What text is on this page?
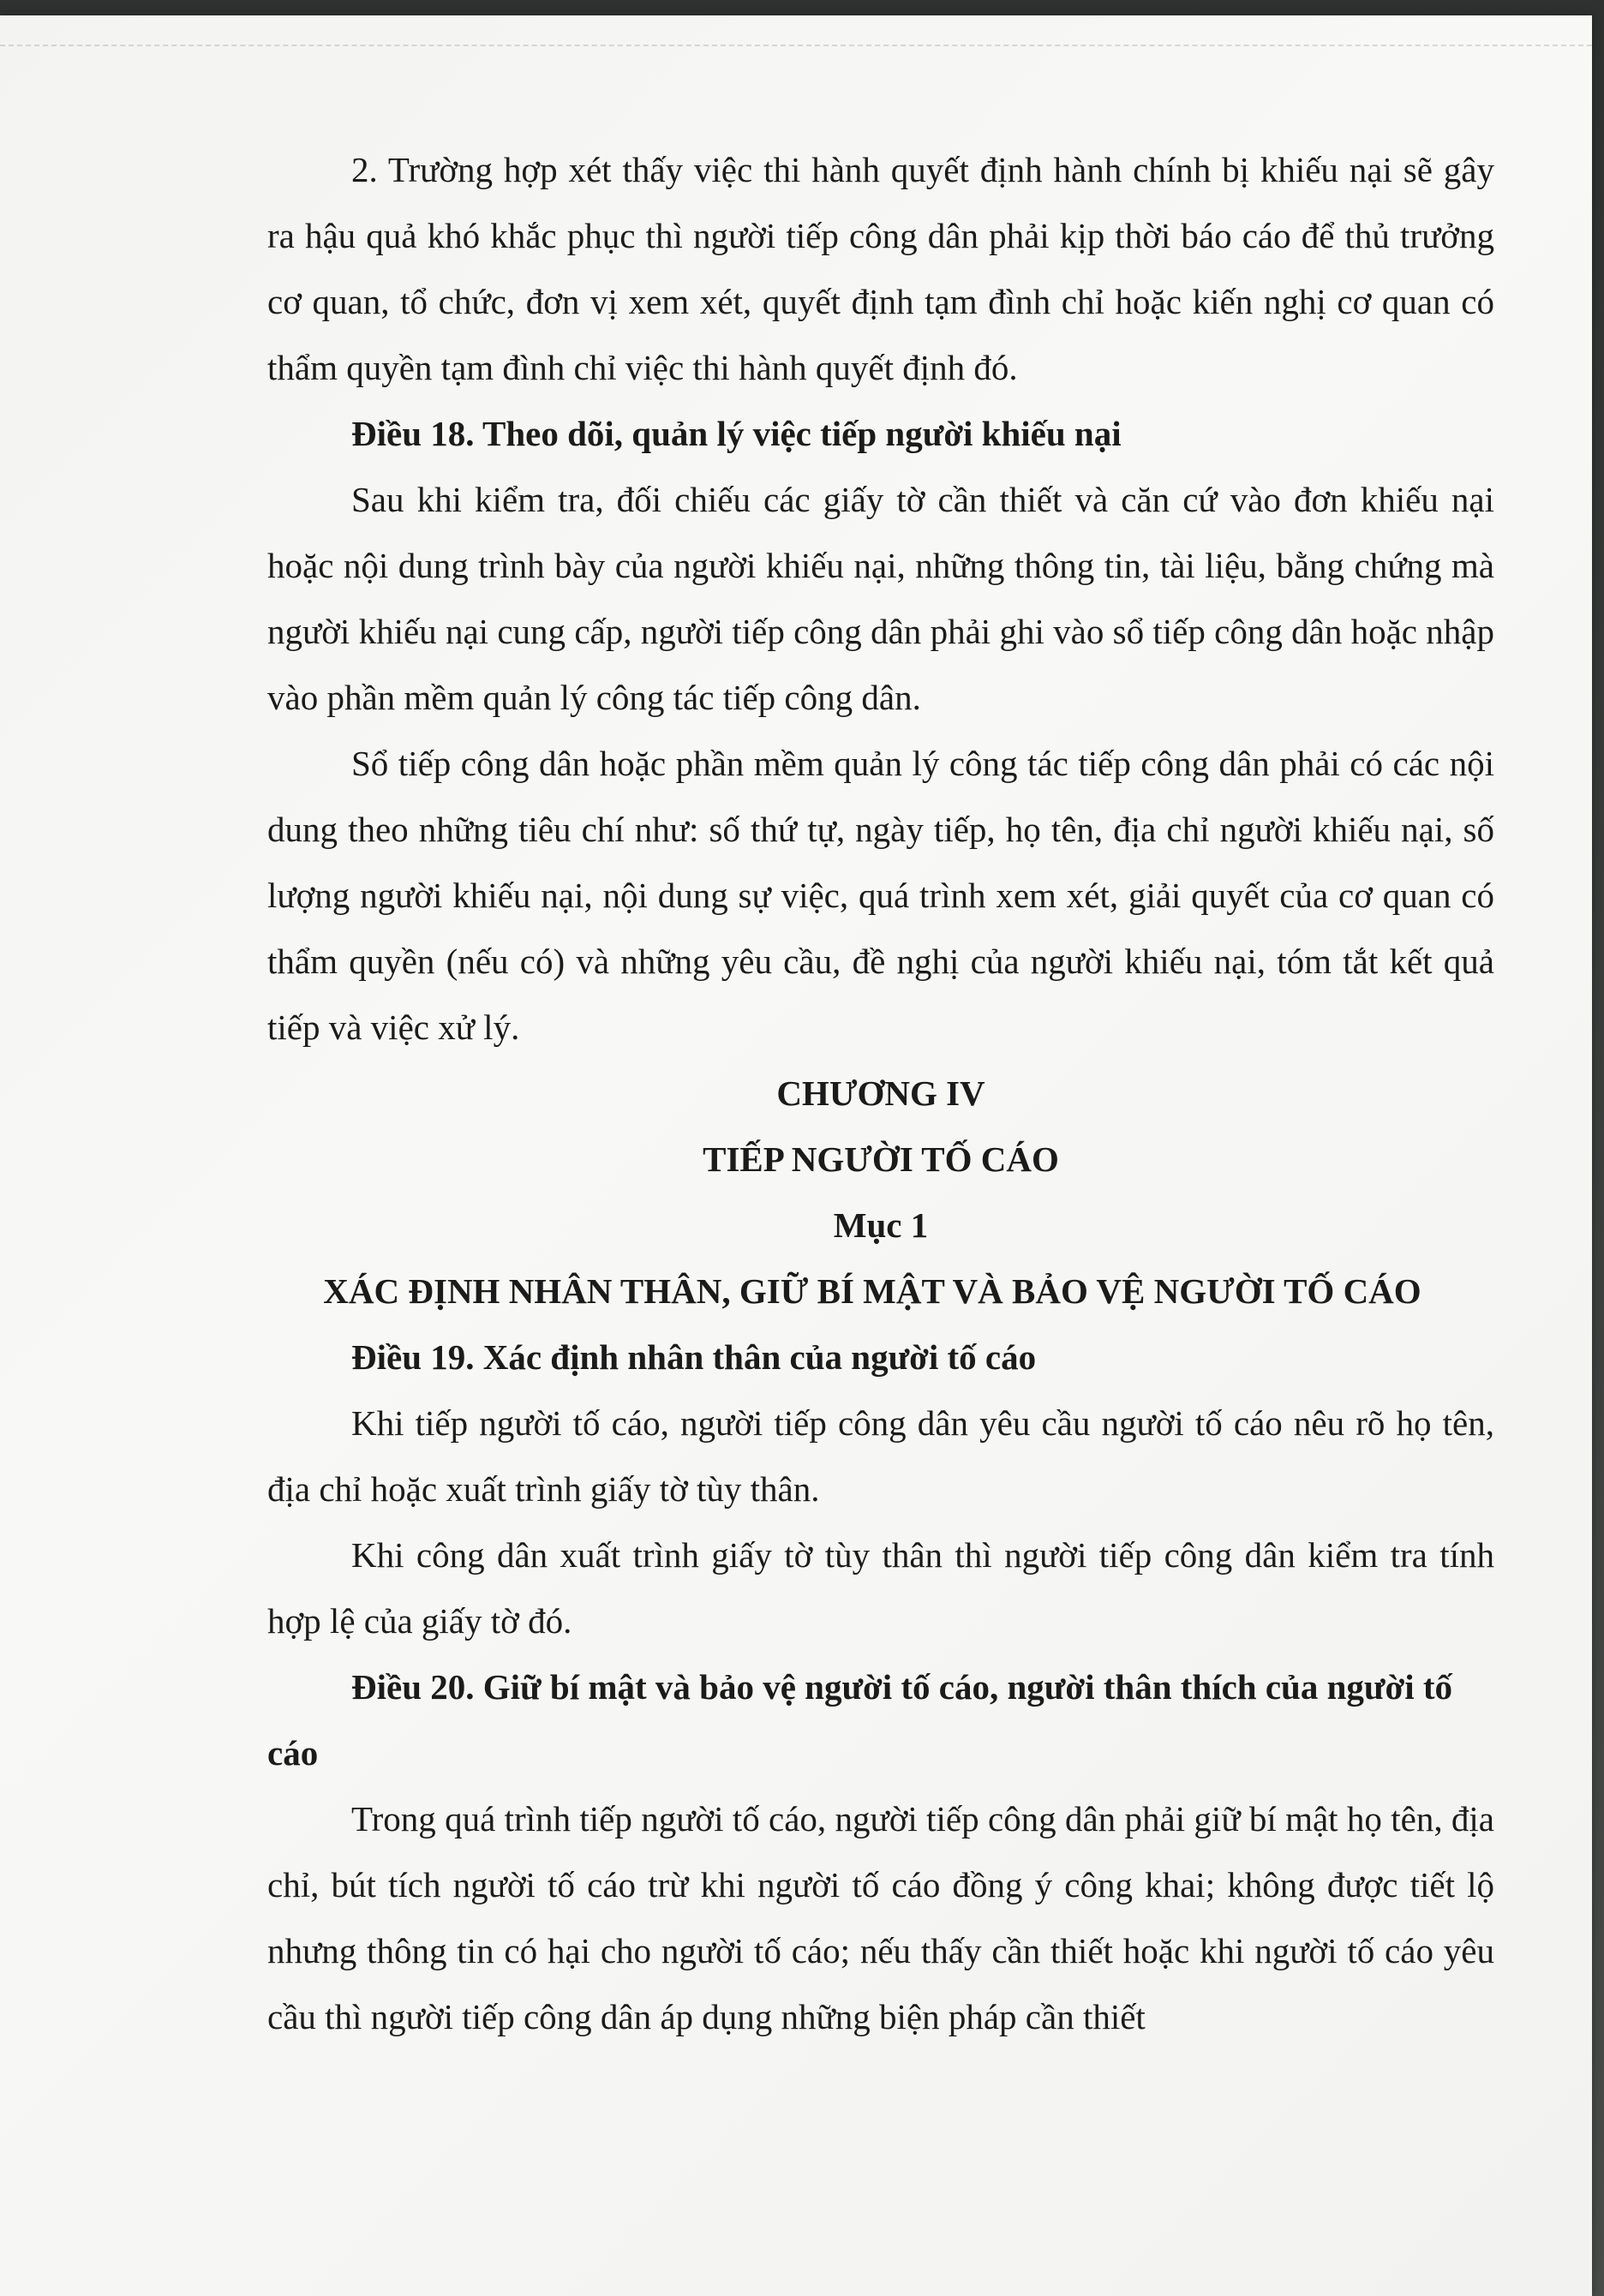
2. Trường hợp xét thấy việc thi hành quyết định hành chính bị khiếu nại sẽ gây ra hậu quả khó khắc phục thì người tiếp công dân phải kịp thời báo cáo để thủ trưởng cơ quan, tổ chức, đơn vị xem xét, quyết định tạm đình chỉ hoặc kiến nghị cơ quan có thẩm quyền tạm đình chỉ việc thi hành quyết định đó.

Điều 18. Theo dõi, quản lý việc tiếp người khiếu nại

Sau khi kiểm tra, đối chiếu các giấy tờ cần thiết và căn cứ vào đơn khiếu nại hoặc nội dung trình bày của người khiếu nại, những thông tin, tài liệu, bằng chứng mà người khiếu nại cung cấp, người tiếp công dân phải ghi vào sổ tiếp công dân hoặc nhập vào phần mềm quản lý công tác tiếp công dân.

Sổ tiếp công dân hoặc phần mềm quản lý công tác tiếp công dân phải có các nội dung theo những tiêu chí như: số thứ tự, ngày tiếp, họ tên, địa chỉ người khiếu nại, số lượng người khiếu nại, nội dung sự việc, quá trình xem xét, giải quyết của cơ quan có thẩm quyền (nếu có) và những yêu cầu, đề nghị của người khiếu nại, tóm tắt kết quả tiếp và việc xử lý.

CHƯƠNG IV

TIẾP NGƯỜI TỐ CÁO

Mục 1

XÁC ĐỊNH NHÂN THÂN, GIỮ BÍ MẬT VÀ BẢO VỆ NGƯỜI TỐ CÁO

Điều 19. Xác định nhân thân của người tố cáo

Khi tiếp người tố cáo, người tiếp công dân yêu cầu người tố cáo nêu rõ họ tên, địa chỉ hoặc xuất trình giấy tờ tùy thân.

Khi công dân xuất trình giấy tờ tùy thân thì người tiếp công dân kiểm tra tính hợp lệ của giấy tờ đó.

Điều 20. Giữ bí mật và bảo vệ người tố cáo, người thân thích của người tố cáo

Trong quá trình tiếp người tố cáo, người tiếp công dân phải giữ bí mật họ tên, địa chỉ, bút tích người tố cáo trừ khi người tố cáo đồng ý công khai; không được tiết lộ nhưng thông tin có hại cho người tố cáo; nếu thấy cần thiết hoặc khi người tố cáo yêu cầu thì người tiếp công dân áp dụng những biện pháp cần thiết
